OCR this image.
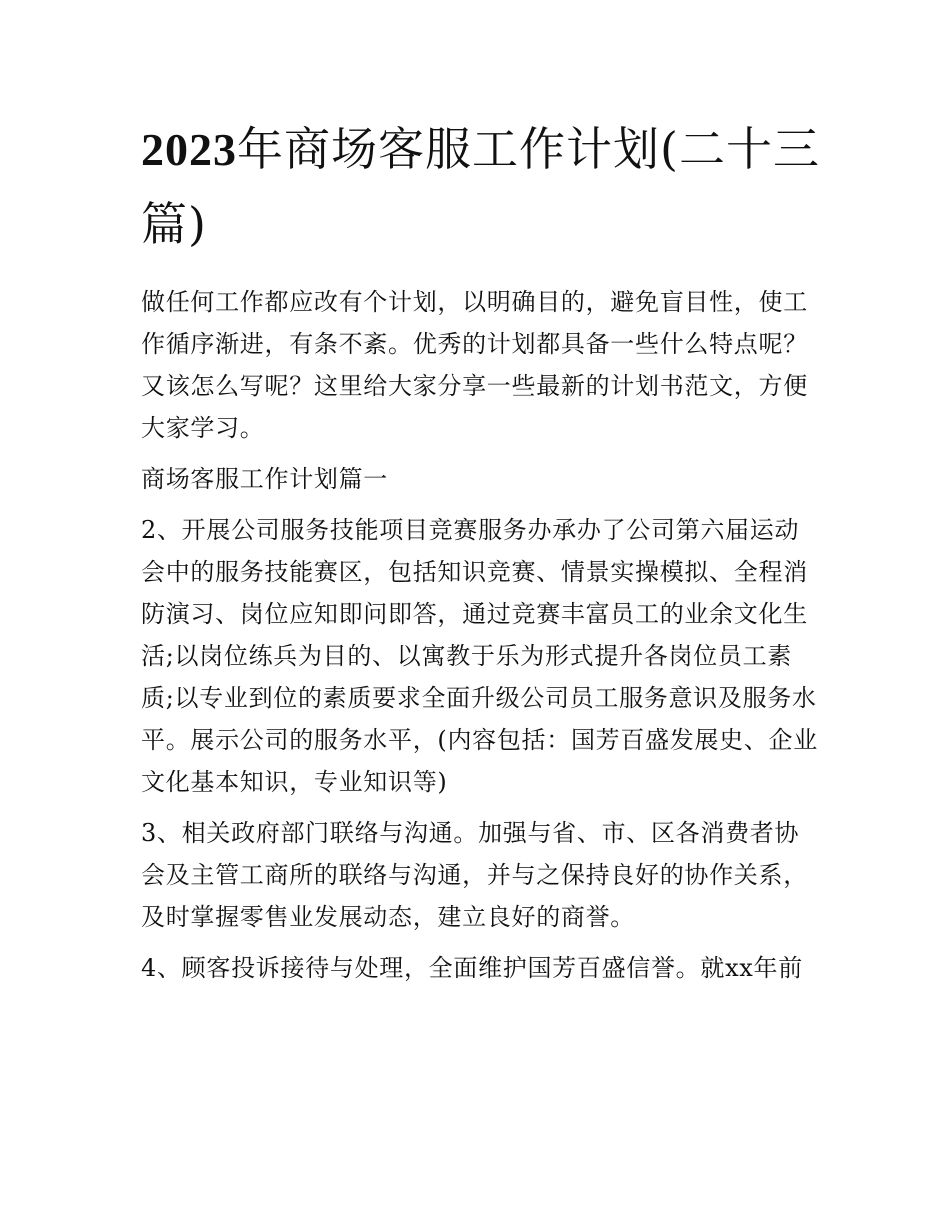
2023年商场客服工作计划(二十三篇)

做任何工作都应改有个计划，以明确目的，避免盲目性，使工作循序渐进，有条不紊。优秀的计划都具备一些什么特点呢？又该怎么写呢？这里给大家分享一些最新的计划书范文，方便大家学习。

商场客服工作计划篇一

2、开展公司服务技能项目竞赛服务办承办了公司第六届运动会中的服务技能赛区，包括知识竞赛、情景实操模拟、全程消防演习、岗位应知即问即答，通过竞赛丰富员工的业余文化生活;以岗位练兵为目的、以寓教于乐为形式提升各岗位员工素质;以专业到位的素质要求全面升级公司员工服务意识及服务水平。展示公司的服务水平，(内容包括：国芳百盛发展史、企业文化基本知识，专业知识等)

3、相关政府部门联络与沟通。加强与省、市、区各消费者协会及主管工商所的联络与沟通，并与之保持良好的协作关系，及时掌握零售业发展动态，建立良好的商誉。

4、顾客投诉接待与处理，全面维护国芳百盛信誉。就xx年前
